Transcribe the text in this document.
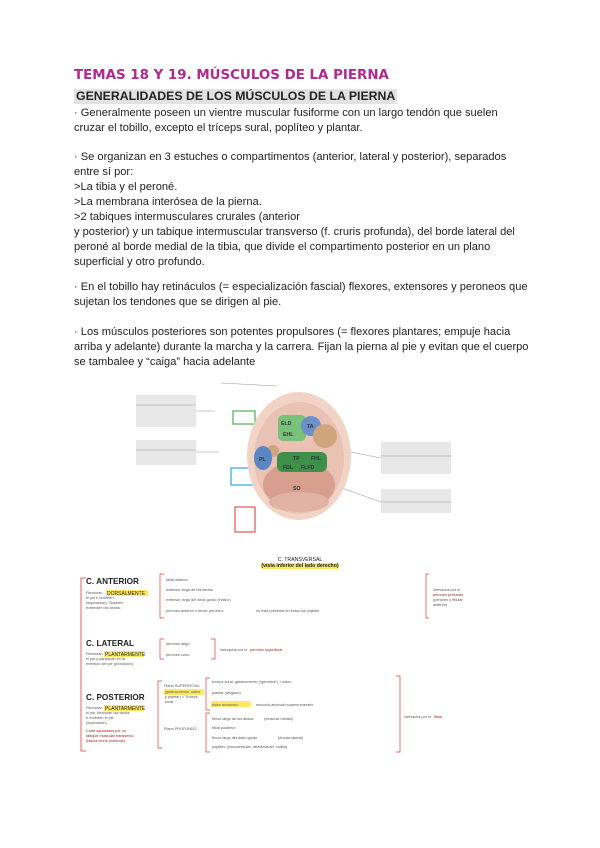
TEMAS 18 Y 19. MÚSCULOS DE LA PIERNA
GENERALIDADES DE LOS MÚSCULOS DE LA PIERNA
· Generalmente poseen un vientre muscular fusiforme con un largo tendón que suelen
cruzar el tobillo, excepto el tríceps sural, poplíteo y plantar.
· Se organizan en 3 estuches o compartimentos (anterior, lateral y posterior), separados
entre sí por:
>La tibia y el peroné.
>La membrana interósea de la pierna.
>2 tabiques intermusculares crurales (anterior
y posterior) y un tabique intermuscular transverso (f. cruris profunda), del borde lateral del
peroné al borde medial de la tibia, que divide el compartimento posterior en un plano
superficial y otro profundo.
· En el tobillo hay retináculos (= especialización fascial) flexores, extensores y peroneos que
sujetan los tendones que se dirigen al pie.
· Los músculos posteriores son potentes propulsores (= flexores plantares; empuje hacia
arriba y adelante) durante la marcha y la carrera. Fijan la pierna al pie y evitan que el cuerpo
se tambalee y “caiga” hacia adelante
TA
ELD
EHL
PL	TP
FDL FLFD
FHL
SO
C. TRANSVERSAL
(vista inferior del lado derecho)
C. ANTERIOR
Flexionan DORSALMENTE
el pie e invierten
(supinación). También
extienden los dedos.
tibial anterior
extensor largo de los dedos
extensor largo del dedo gordo (Hallux)
peroneo anterior o tercer peroneo:	no está presente en todos los sujetos
inervados por el
peroneo profundo
(peroneo o fibular
anterior)
C. LATERAL
Flexionan PLANTARMENTE
el pie y participan en la
eversión del pie (pronación).
peroneo largo
peroneo corto
inervados por el peroneo superficial
C. POSTERIOR
Flexionan PLANTARMENTE
el pie, flexionan los dedos
e invierten el pie
(supinación).
Corte separados por un
tabique muscular transverso
(fascia cruris profunda)
Plano SUPERFICIAL
(gastrocnemio, sóleo
y plantar) = Tríceps
sural
Plano PROFUNDO
tríceps sural: gastrocnemio (“gemelos”) + sóleo
plantar (delgado)
sóleo accesorio	músculo anómalo supernumerario
flexor largo de los dedos	(músculo medial)
tibial posterior
flexor largo del dedo gordo	(el más lateral)
poplíteo (monoarticular; atraviesa art. rodilla)
inervados por el tibial
